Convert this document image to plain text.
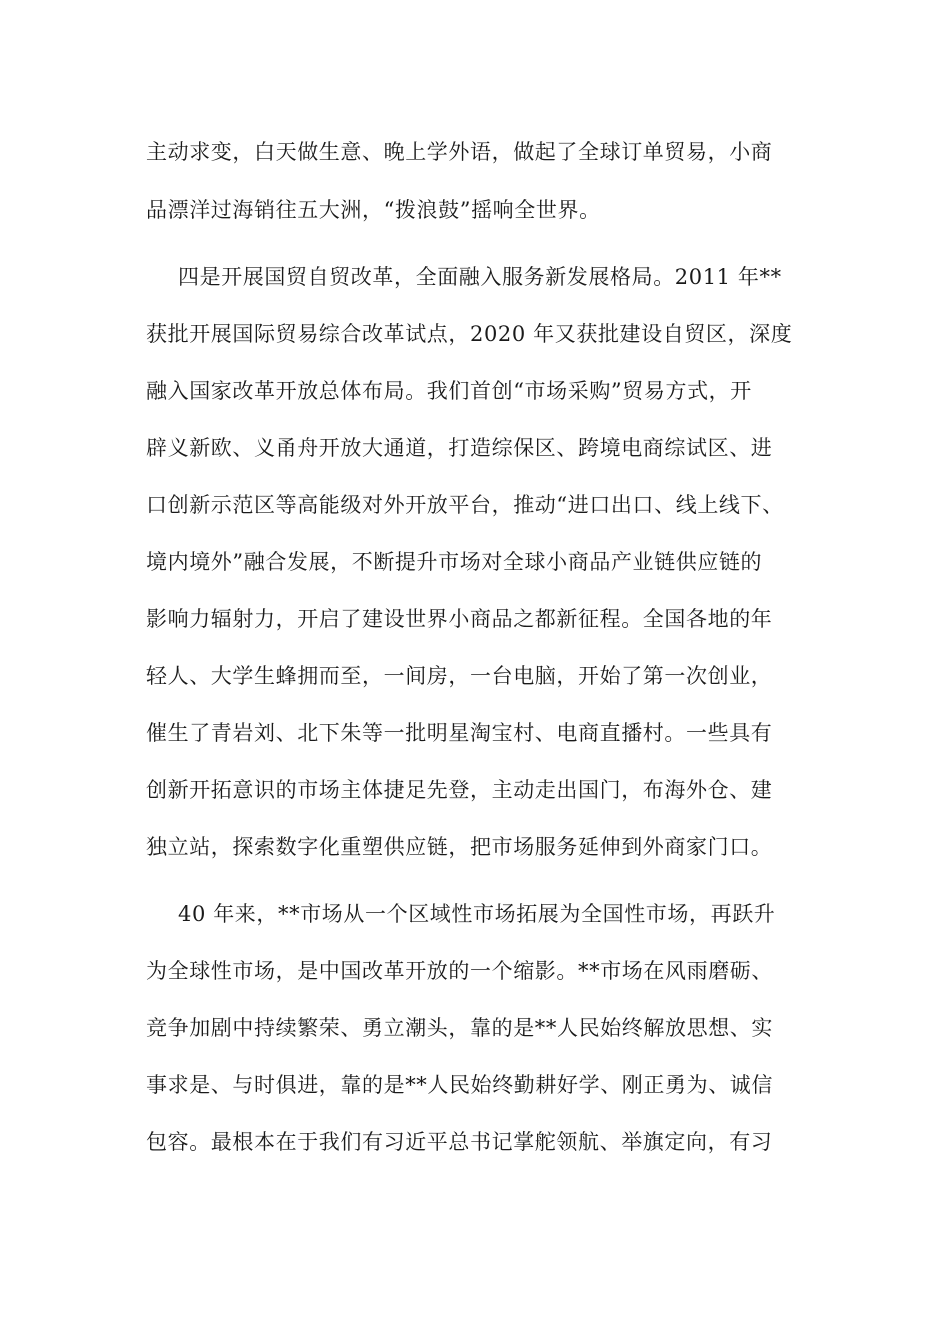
主动求变，白天做生意、晚上学外语，做起了全球订单贸易，小商
品漂洋过海销往五大洲，“拨浪鼓”摇响全世界。
四是开展国贸自贸改革，全面融入服务新发展格局。2011 年**
获批开展国际贸易综合改革试点，2020 年又获批建设自贸区，深度
融入国家改革开放总体布局。我们首创“市场采购”贸易方式，开
辟义新欧、义甬舟开放大通道，打造综保区、跨境电商综试区、进
口创新示范区等高能级对外开放平台，推动“进口出口、线上线下、
境内境外”融合发展，不断提升市场对全球小商品产业链供应链的
影响力辐射力，开启了建设世界小商品之都新征程。全国各地的年
轻人、大学生蜂拥而至，一间房，一台电脑，开始了第一次创业，
催生了青岩刘、北下朱等一批明星淘宝村、电商直播村。一些具有
创新开拓意识的市场主体捷足先登，主动走出国门，布海外仓、建
独立站，探索数字化重塑供应链，把市场服务延伸到外商家门口。
40 年来，**市场从一个区域性市场拓展为全国性市场，再跃升
为全球性市场，是中国改革开放的一个缩影。**市场在风雨磨砺、
竞争加剧中持续繁荣、勇立潮头，靠的是**人民始终解放思想、实
事求是、与时俱进，靠的是**人民始终勤耕好学、刚正勇为、诚信
包容。最根本在于我们有习近平总书记掌舵领航、举旗定向，有习
